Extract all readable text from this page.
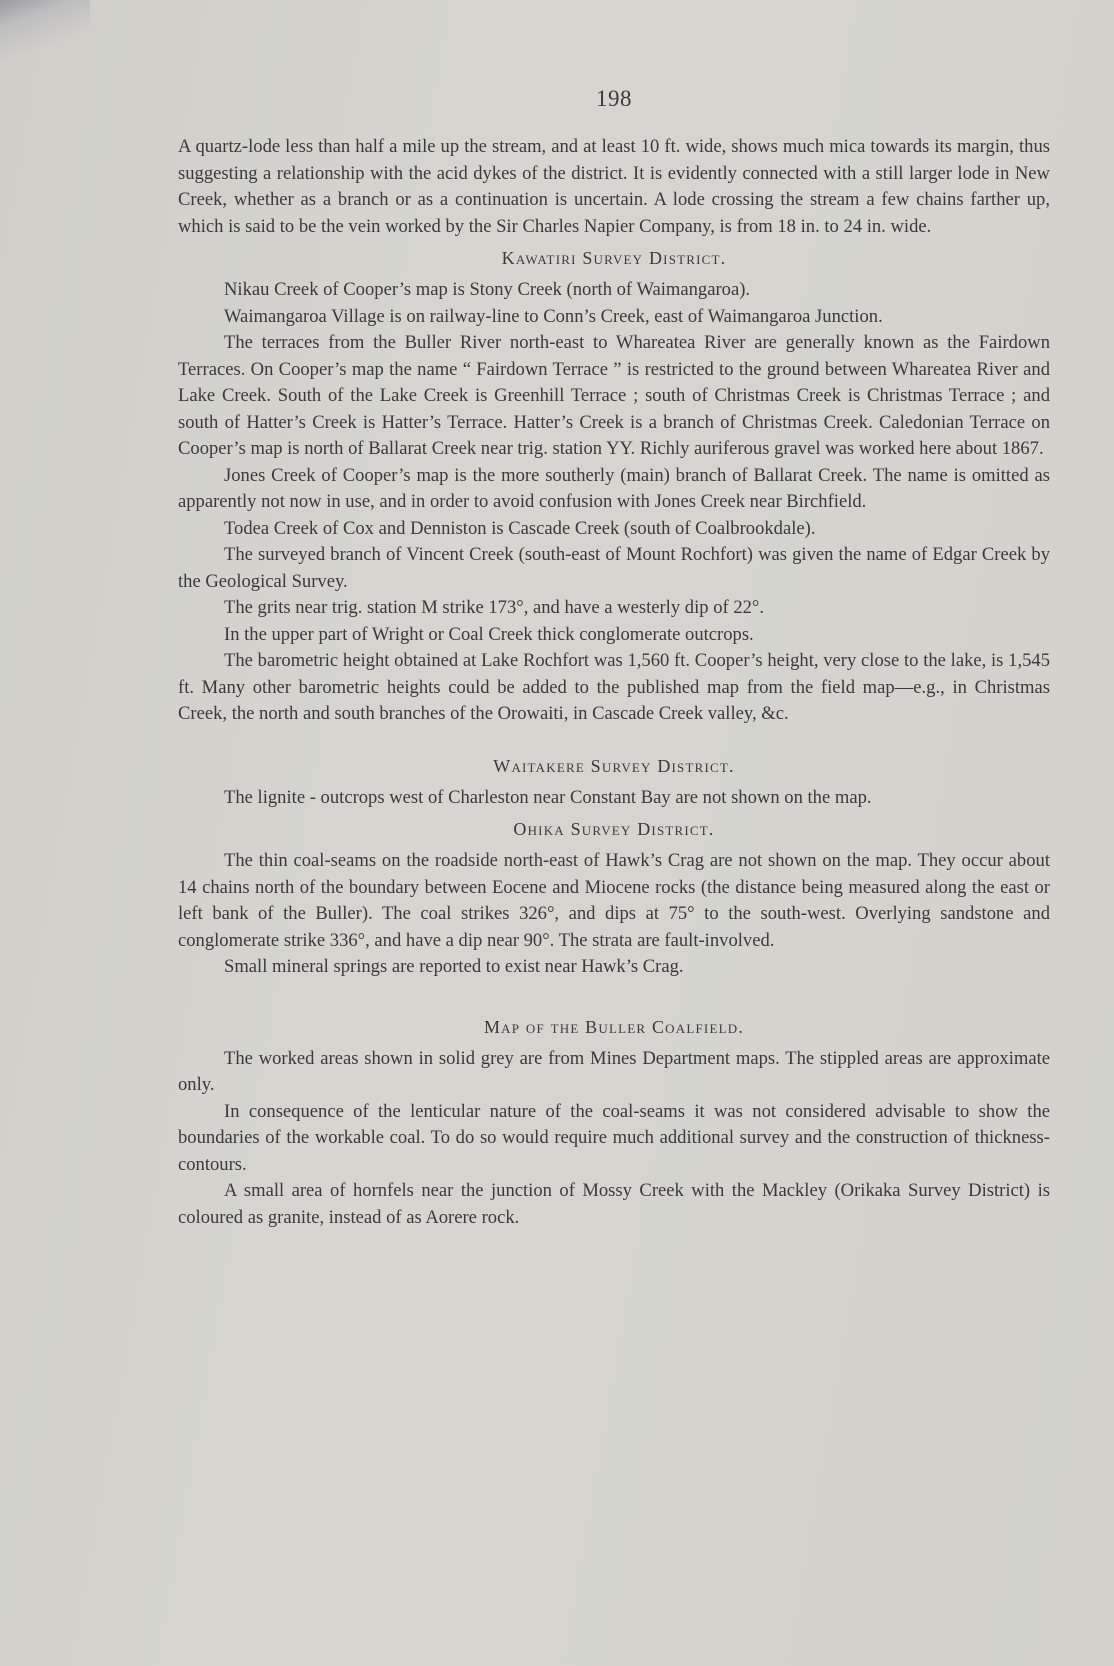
198

A quartz-lode less than half a mile up the stream, and at least 10 ft. wide, shows much mica towards its margin, thus suggesting a relationship with the acid dykes of the district. It is evidently connected with a still larger lode in New Creek, whether as a branch or as a continuation is uncertain. A lode crossing the stream a few chains farther up, which is said to be the vein worked by the Sir Charles Napier Company, is from 18 in. to 24 in. wide.

Kawatiri Survey District.

Nikau Creek of Cooper’s map is Stony Creek (north of Waimangaroa).

Waimangaroa Village is on railway-line to Conn’s Creek, east of Waimangaroa Junction.

The terraces from the Buller River north-east to Whareatea River are generally known as the Fairdown Terraces. On Cooper’s map the name “ Fairdown Terrace ” is restricted to the ground between Whareatea River and Lake Creek. South of the Lake Creek is Greenhill Terrace ; south of Christmas Creek is Christmas Terrace ; and south of Hatter’s Creek is Hatter’s Terrace. Hatter’s Creek is a branch of Christmas Creek. Caledonian Terrace on Cooper’s map is north of Ballarat Creek near trig. station YY. Richly auriferous gravel was worked here about 1867.

Jones Creek of Cooper’s map is the more southerly (main) branch of Ballarat Creek. The name is omitted as apparently not now in use, and in order to avoid confusion with Jones Creek near Birchfield.

Todea Creek of Cox and Denniston is Cascade Creek (south of Coalbrookdale).

The surveyed branch of Vincent Creek (south-east of Mount Rochfort) was given the name of Edgar Creek by the Geological Survey.

The grits near trig. station M strike 173°, and have a westerly dip of 22°.

In the upper part of Wright or Coal Creek thick conglomerate outcrops.

The barometric height obtained at Lake Rochfort was 1,560 ft. Cooper’s height, very close to the lake, is 1,545 ft. Many other barometric heights could be added to the published map from the field map—e.g., in Christmas Creek, the north and south branches of the Orowaiti, in Cascade Creek valley, &c.

Waitakere Survey District.

The lignite - outcrops west of Charleston near Constant Bay are not shown on the map.

Ohika Survey District.

The thin coal-seams on the roadside north-east of Hawk’s Crag are not shown on the map. They occur about 14 chains north of the boundary between Eocene and Miocene rocks (the distance being measured along the east or left bank of the Buller). The coal strikes 326°, and dips at 75° to the south-west. Overlying sandstone and conglomerate strike 336°, and have a dip near 90°. The strata are fault-involved.

Small mineral springs are reported to exist near Hawk’s Crag.

Map of the Buller Coalfield.

The worked areas shown in solid grey are from Mines Department maps. The stippled areas are approximate only.

In consequence of the lenticular nature of the coal-seams it was not considered advisable to show the boundaries of the workable coal. To do so would require much additional survey and the construction of thickness-contours.

A small area of hornfels near the junction of Mossy Creek with the Mackley (Orikaka Survey District) is coloured as granite, instead of as Aorere rock.
